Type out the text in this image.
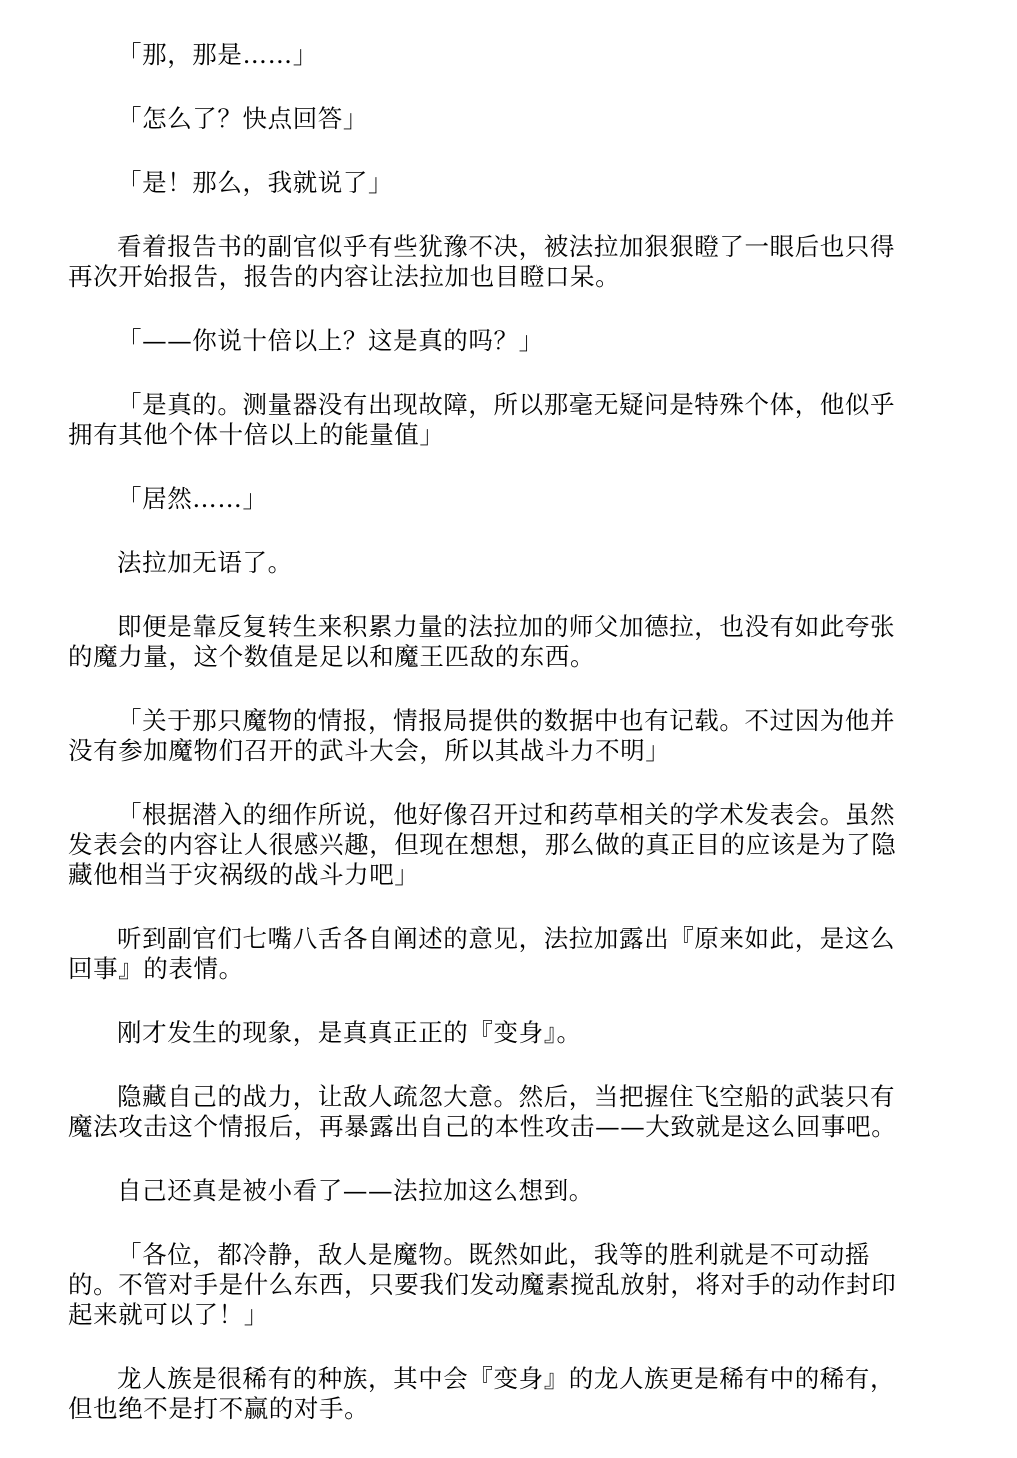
「那，那是……」

「怎么了？快点回答」

「是！那么，我就说了」

看着报告书的副官似乎有些犹豫不决，被法拉加狠狠瞪了一眼后也只得
再次开始报告，报告的内容让法拉加也目瞪口呆。

「——你说十倍以上？这是真的吗？」

「是真的。测量器没有出现故障，所以那毫无疑问是特殊个体，他似乎
拥有其他个体十倍以上的能量值」

「居然……」

法拉加无语了。

即便是靠反复转生来积累力量的法拉加的师父加德拉，也没有如此夸张
的魔力量，这个数值是足以和魔王匹敌的东西。

「关于那只魔物的情报，情报局提供的数据中也有记载。不过因为他并
没有参加魔物们召开的武斗大会，所以其战斗力不明」

「根据潜入的细作所说，他好像召开过和药草相关的学术发表会。虽然
发表会的内容让人很感兴趣，但现在想想，那么做的真正目的应该是为了隐
藏他相当于灾祸级的战斗力吧」

听到副官们七嘴八舌各自阐述的意见，法拉加露出『原来如此，是这么
回事』的表情。

刚才发生的现象，是真真正正的『变身』。

隐藏自己的战力，让敌人疏忽大意。然后，当把握住飞空船的武装只有
魔法攻击这个情报后，再暴露出自己的本性攻击——大致就是这么回事吧。

自己还真是被小看了——法拉加这么想到。

「各位，都冷静，敌人是魔物。既然如此，我等的胜利就是不可动摇
的。不管对手是什么东西，只要我们发动魔素搅乱放射，将对手的动作封印
起来就可以了！」

龙人族是很稀有的种族，其中会『变身』的龙人族更是稀有中的稀有，
但也绝不是打不赢的对手。
